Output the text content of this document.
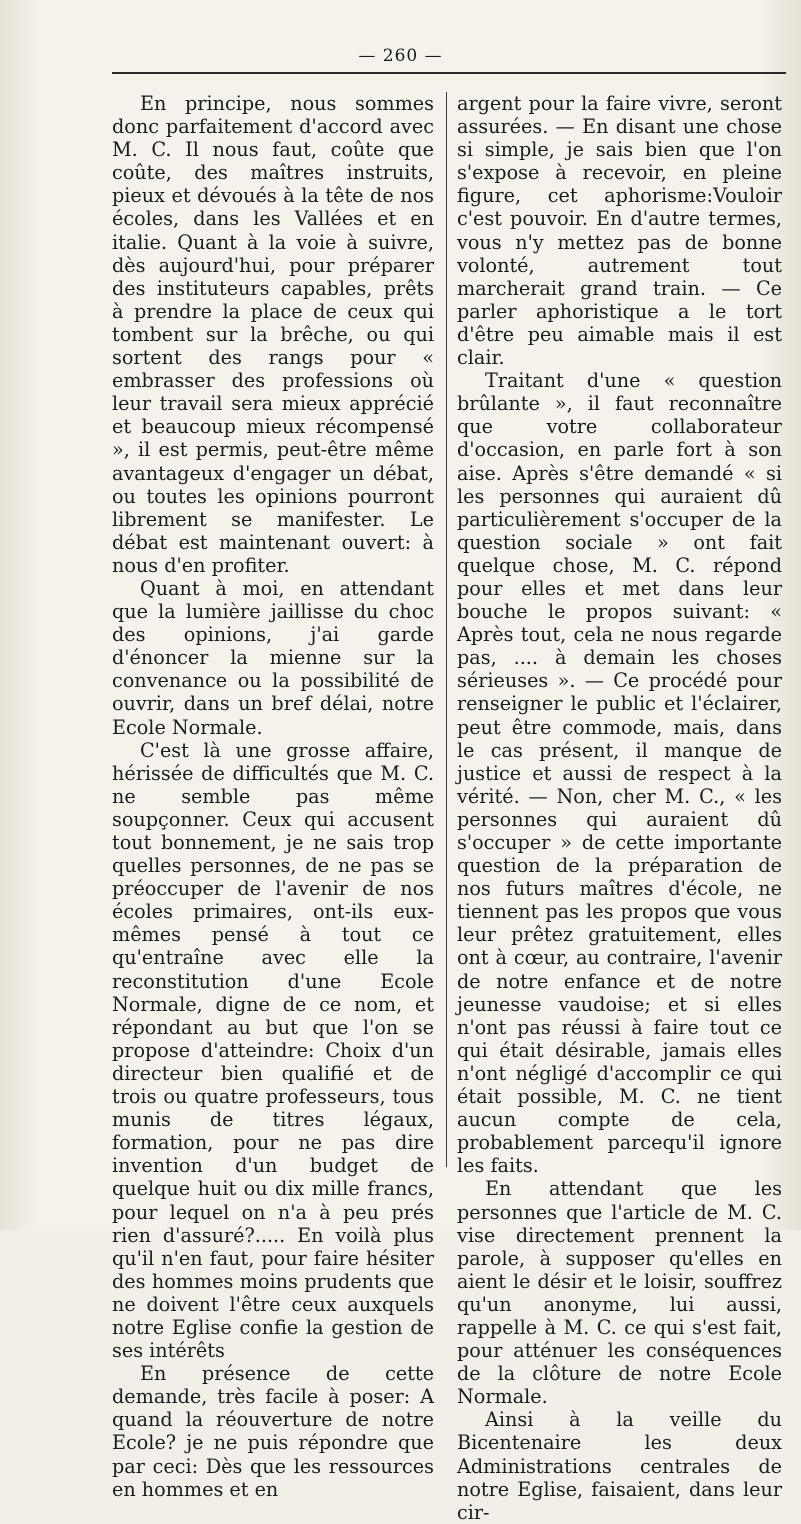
— 260 —

En principe, nous sommes donc parfaitement d'accord avec M. C. Il nous faut, coûte que coûte, des maîtres instruits, pieux et dévoués à la tête de nos écoles, dans les Vallées et en italie. Quant à la voie à suivre, dès aujourd'hui, pour préparer des instituteurs capables, prêts à prendre la place de ceux qui tombent sur la brêche, ou qui sortent des rangs pour « embrasser des professions où leur travail sera mieux apprécié et beaucoup mieux récompensé », il est permis, peut-être même avantageux d'engager un débat, ou toutes les opinions pourront librement se manifester. Le débat est maintenant ouvert: à nous d'en profiter.

Quant à moi, en attendant que la lumière jaillisse du choc des opinions, j'ai garde d'énoncer la mienne sur la convenance ou la possibilité de ouvrir, dans un bref délai, notre Ecole Normale.

C'est là une grosse affaire, hérissée de difficultés que M. C. ne semble pas même soupçonner. Ceux qui accusent tout bonnement, je ne sais trop quelles personnes, de ne pas se préoccuper de l'avenir de nos écoles primaires, ont-ils eux-mêmes pensé à tout ce qu'entraîne avec elle la reconstitution d'une Ecole Normale, digne de ce nom, et répondant au but que l'on se propose d'atteindre: Choix d'un directeur bien qualifié et de trois ou quatre professeurs, tous munis de titres légaux, formation, pour ne pas dire invention d'un budget de quelque huit ou dix mille francs, pour lequel on n'a à peu prés rien d'assuré?..... En voilà plus qu'il n'en faut, pour faire hésiter des hommes moins prudents que ne doivent l'être ceux auxquels notre Eglise confie la gestion de ses intérêts

En présence de cette demande, très facile à poser: A quand la réouverture de notre Ecole? je ne puis répondre que par ceci: Dès que les ressources en hommes et en

argent pour la faire vivre, seront assurées. — En disant une chose si simple, je sais bien que l'on s'expose à recevoir, en pleine figure, cet aphorisme:Vouloir c'est pouvoir. En d'autre termes, vous n'y mettez pas de bonne volonté, autrement tout marcherait grand train. — Ce parler aphoristique a le tort d'être peu aimable mais il est clair.

Traitant d'une « question brûlante », il faut reconnaître que votre collaborateur d'occasion, en parle fort à son aise. Après s'être demandé « si les personnes qui auraient dû particulièrement s'occuper de la question sociale » ont fait quelque chose, M. C. répond pour elles et met dans leur bouche le propos suivant: « Après tout, cela ne nous regarde pas, .... à demain les choses sérieuses ». — Ce procédé pour renseigner le public et l'éclairer, peut être commode, mais, dans le cas présent, il manque de justice et aussi de respect à la vérité. — Non, cher M. C., « les personnes qui auraient dû s'occuper » de cette importante question de la préparation de nos futurs maîtres d'école, ne tiennent pas les propos que vous leur prêtez gratuitement, elles ont à cœur, au contraire, l'avenir de notre enfance et de notre jeunesse vaudoise; et si elles n'ont pas réussi à faire tout ce qui était désirable, jamais elles n'ont négligé d'accomplir ce qui était possible, M. C. ne tient aucun compte de cela, probablement parcequ'il ignore les faits.

En attendant que les personnes que l'article de M. C. vise directement prennent la parole, à supposer qu'elles en aient le désir et le loisir, souffrez qu'un anonyme, lui aussi, rappelle à M. C. ce qui s'est fait, pour atténuer les conséquences de la clôture de notre Ecole Normale.

Ainsi à la veille du Bicentenaire les deux Administrations centrales de notre Eglise, faisaient, dans leur cir-
